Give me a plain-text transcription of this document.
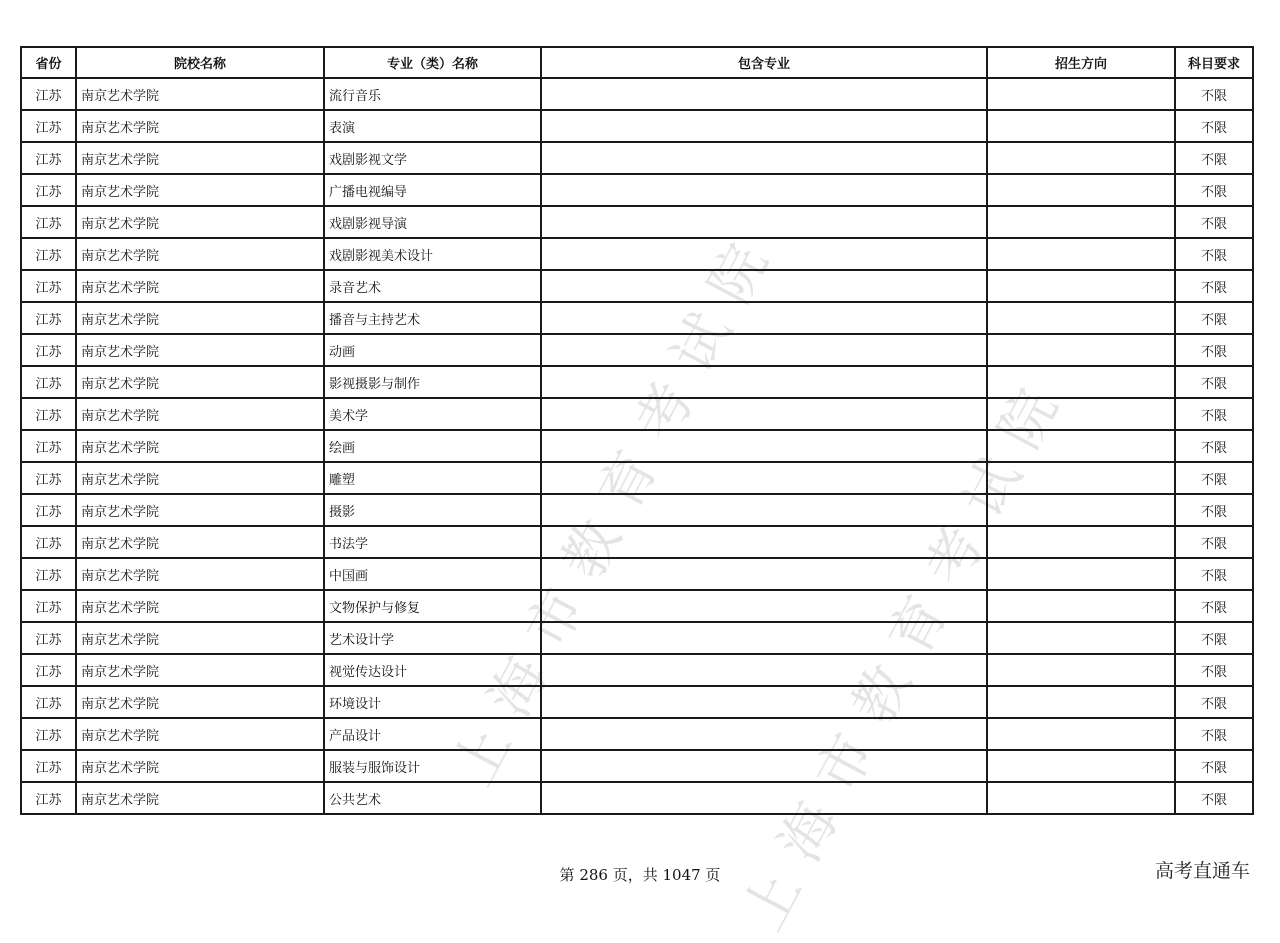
上海市教育考试院
上海市教育考试院
省份	院校名称	专业（类）名称	包含专业	招生方向	科目要求
江苏	南京艺术学院	流行音乐			不限
江苏	南京艺术学院	表演			不限
江苏	南京艺术学院	戏剧影视文学			不限
江苏	南京艺术学院	广播电视编导			不限
江苏	南京艺术学院	戏剧影视导演			不限
江苏	南京艺术学院	戏剧影视美术设计			不限
江苏	南京艺术学院	录音艺术			不限
江苏	南京艺术学院	播音与主持艺术			不限
江苏	南京艺术学院	动画			不限
江苏	南京艺术学院	影视摄影与制作			不限
江苏	南京艺术学院	美术学			不限
江苏	南京艺术学院	绘画			不限
江苏	南京艺术学院	雕塑			不限
江苏	南京艺术学院	摄影			不限
江苏	南京艺术学院	书法学			不限
江苏	南京艺术学院	中国画			不限
江苏	南京艺术学院	文物保护与修复			不限
江苏	南京艺术学院	艺术设计学			不限
江苏	南京艺术学院	视觉传达设计			不限
江苏	南京艺术学院	环境设计			不限
江苏	南京艺术学院	产品设计			不限
江苏	南京艺术学院	服装与服饰设计			不限
江苏	南京艺术学院	公共艺术			不限
第 286 页，共 1047 页	高考直通车
